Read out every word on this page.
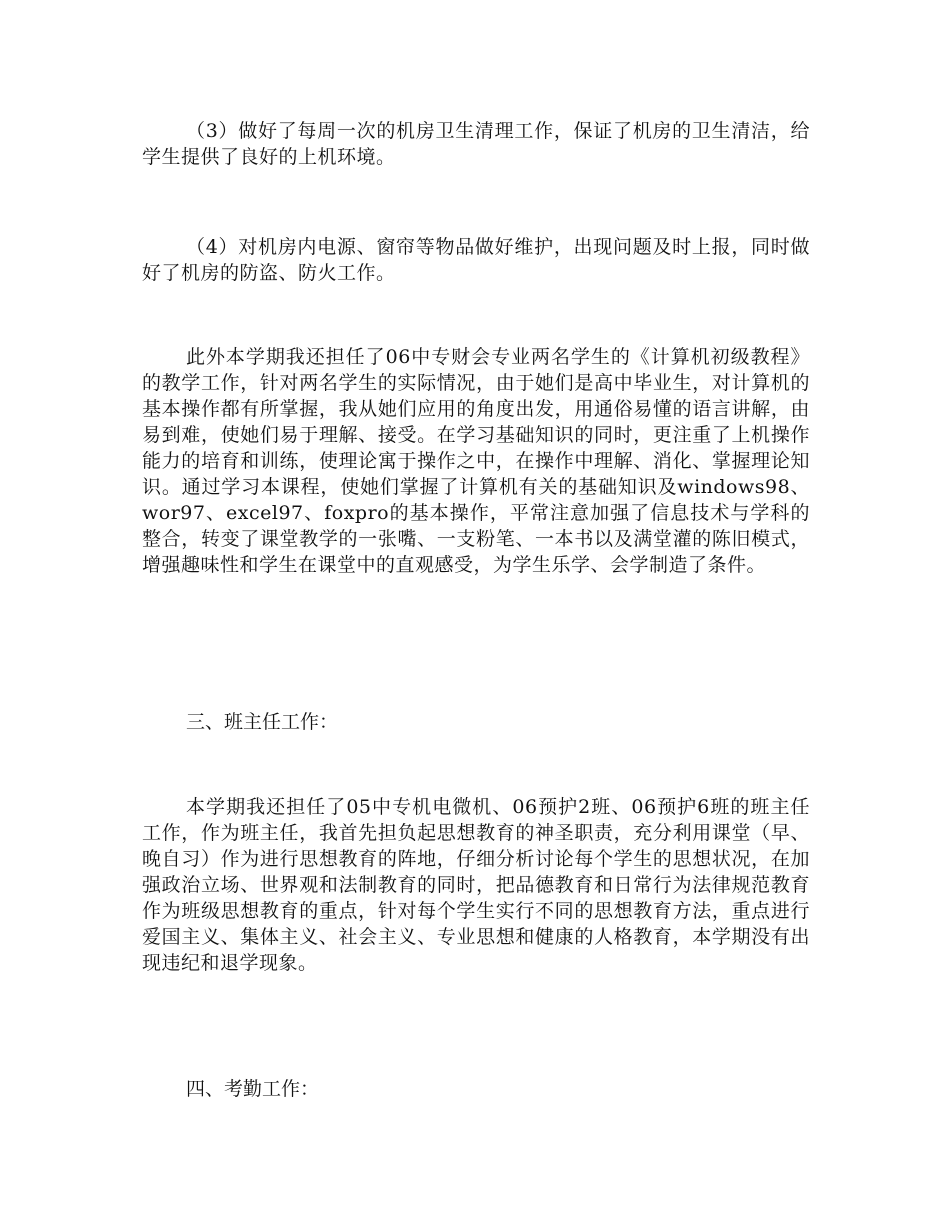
（3）做好了每周一次的机房卫生清理工作，保证了机房的卫生清洁，给学生提供了良好的上机环境。

（4）对机房内电源、窗帘等物品做好维护，出现问题及时上报，同时做好了机房的防盗、防火工作。

此外本学期我还担任了06中专财会专业两名学生的《计算机初级教程》的教学工作，针对两名学生的实际情况，由于她们是高中毕业生，对计算机的基本操作都有所掌握，我从她们应用的角度出发，用通俗易懂的语言讲解，由易到难，使她们易于理解、接受。在学习基础知识的同时，更注重了上机操作能力的培育和训练，使理论寓于操作之中，在操作中理解、消化、掌握理论知识。通过学习本课程，使她们掌握了计算机有关的基础知识及windows98、wor97、excel97、foxpro的基本操作，平常注意加强了信息技术与学科的整合，转变了课堂教学的一张嘴、一支粉笔、一本书以及满堂灌的陈旧模式，增强趣味性和学生在课堂中的直观感受，为学生乐学、会学制造了条件。

三、班主任工作：

本学期我还担任了05中专机电微机、06预护2班、06预护6班的班主任工作，作为班主任，我首先担负起思想教育的神圣职责，充分利用课堂（早、晚自习）作为进行思想教育的阵地，仔细分析讨论每个学生的思想状况，在加强政治立场、世界观和法制教育的同时，把品德教育和日常行为法律规范教育作为班级思想教育的重点，针对每个学生实行不同的思想教育方法，重点进行爱国主义、集体主义、社会主义、专业思想和健康的人格教育，本学期没有出现违纪和退学现象。

四、考勤工作：
